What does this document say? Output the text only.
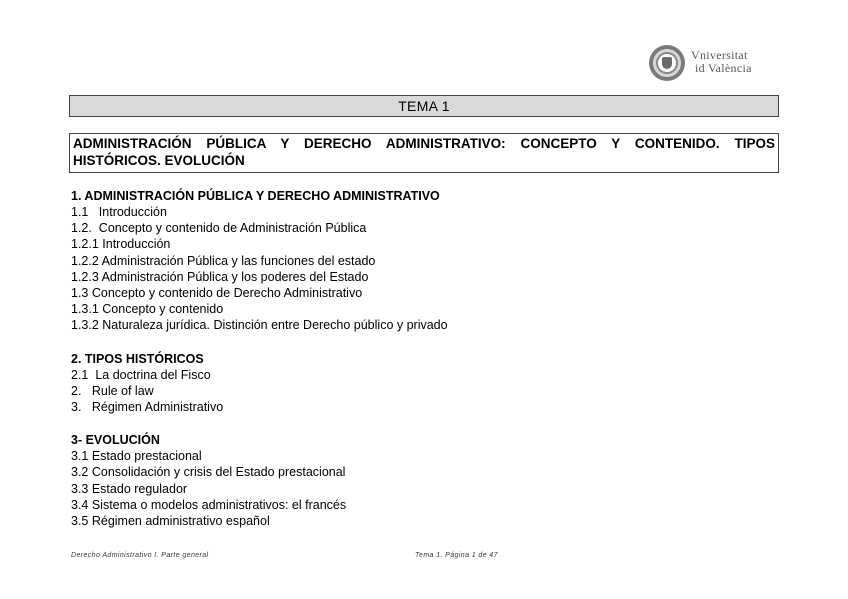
Vniversitat
id València
TEMA 1
ADMINISTRACIÓN PÚBLICA Y DERECHO ADMINISTRATIVO: CONCEPTO Y CONTENIDO. TIPOS HISTÓRICOS. EVOLUCIÓN
1. ADMINISTRACIÓN PÚBLICA Y DERECHO ADMINISTRATIVO
1.1   Introducción
1.2.  Concepto y contenido de Administración Pública
1.2.1 Introducción
1.2.2 Administración Pública y las funciones del estado
1.2.3 Administración Pública y los poderes del Estado
1.3 Concepto y contenido de Derecho Administrativo
1.3.1 Concepto y contenido
1.3.2 Naturaleza jurídica. Distinción entre Derecho público y privado
2. TIPOS HISTÓRICOS
2.1  La doctrina del Fisco
2.   Rule of law
3.   Régimen Administrativo
3- EVOLUCIÓN
3.1 Estado prestacional
3.2 Consolidación y crisis del Estado prestacional
3.3 Estado regulador
3.4 Sistema o modelos administrativos: el francés
3.5 Régimen administrativo español
Derecho Administrativo I. Parte general	Tema 1. Página 1 de 47
